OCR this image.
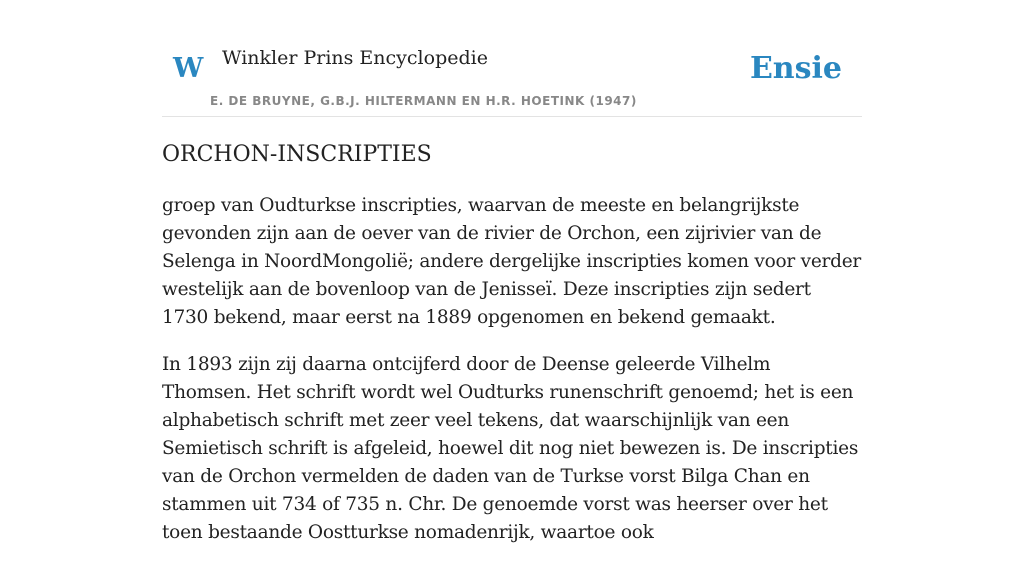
W Winkler Prins Encyclopedie
E. DE BRUYNE, G.B.J. HILTERMANN EN H.R. HOETINK (1947)
Ensie
ORCHON-INSCRIPTIES

groep van Oudturkse inscripties, waarvan de meeste en belangrijkste gevonden zijn aan de oever van de rivier de Orchon, een zijrivier van de Selenga in NoordMongolië; andere dergelijke inscripties komen voor verder westelijk aan de bovenloop van de Jenisseï. Deze inscripties zijn sedert 1730 bekend, maar eerst na 1889 opgenomen en bekend gemaakt.

In 1893 zijn zij daarna ontcijferd door de Deense geleerde Vilhelm Thomsen. Het schrift wordt wel Oudturks runenschrift genoemd; het is een alphabetisch schrift met zeer veel tekens, dat waarschijnlijk van een Semietisch schrift is afgeleid, hoewel dit nog niet bewezen is. De inscripties van de Orchon vermelden de daden van de Turkse vorst Bilga Chan en stammen uit 734 of 735 n. Chr. De genoemde vorst was heerser over het toen bestaande Oostturkse nomadenrijk, waartoe ook
